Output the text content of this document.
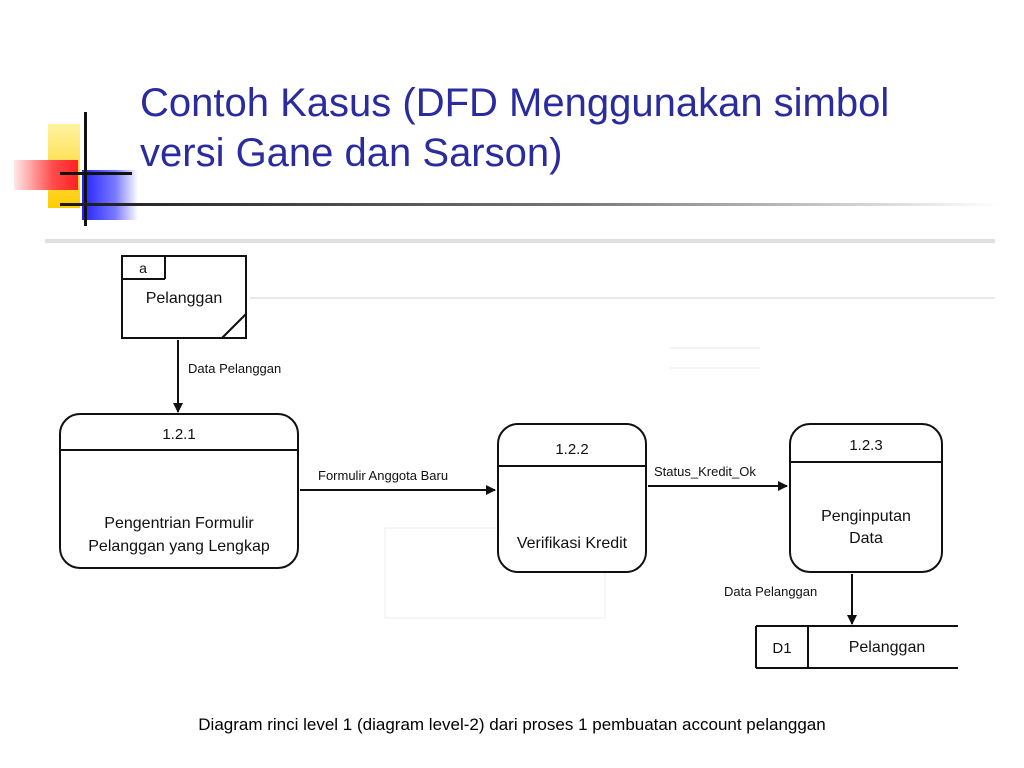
Contoh Kasus (DFD Menggunakan simbol
versi Gane dan Sarson)
a
Pelanggan
1.2.1
Pengentrian Formulir
Pelanggan yang Lengkap
1.2.2
Verifikasi Kredit
1.2.3
Penginputan
Data
D1	Pelanggan
Data Pelanggan
Formulir Anggota Baru	Status_Kredit_Ok
Data Pelanggan
Diagram rinci level 1 (diagram level-2) dari proses 1 pembuatan account pelanggan
